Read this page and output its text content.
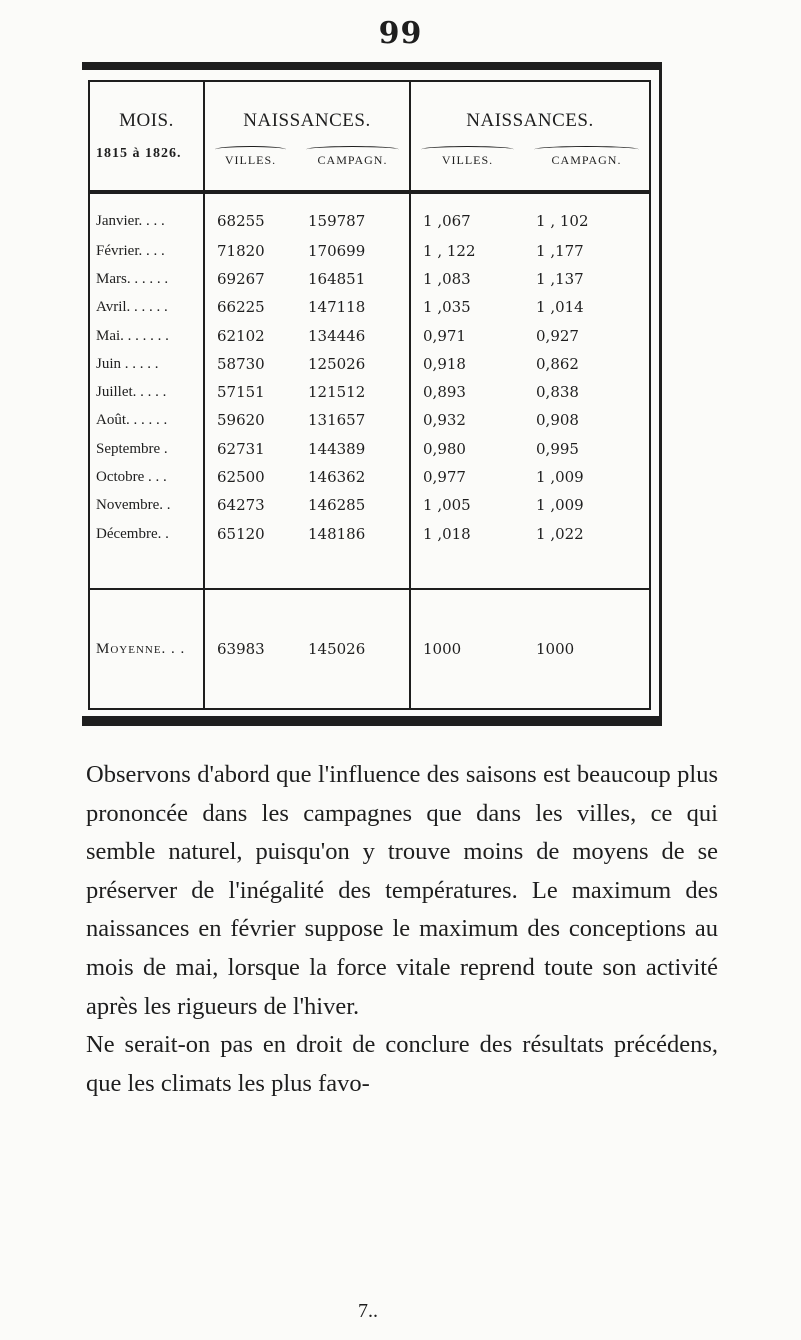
99
MOIS.	NAISSANCES.		NAISSANCES.	
1815 à 1826.	VILLES.	CAMPAGN.	VILLES.	CAMPAGN.
Janvier. . . .	68255	159787	1 ,067	1 , 102
Février. . . .	71820	170699	1 , 122	1 ,177
Mars. . . . . .	69267	164851	1 ,083	1 ,137
Avril. . . . . .	66225	147118	1 ,035	1 ,014
Mai. . . . . . .	62102	134446	0,971	0,927
Juin . . . . .	58730	125026	0,918	0,862
Juillet. . . . .	57151	121512	0,893	0,838
Août. . . . . .	59620	131657	0,932	0,908
Septembre .	62731	144389	0,980	0,995
Octobre . . .	62500	146362	0,977	1 ,009
Novembre. .	64273	146285	1 ,005	1 ,009
Décembre. .	65120	148186	1 ,018	1 ,022

Moyenne. . .	63983	145026	1000	1000

Observons d'abord que l'influence des saisons est beaucoup plus prononcée dans les campagnes que dans les villes, ce qui semble naturel, puisqu'on y trouve moins de moyens de se préserver de l'inégalité des températures. Le maximum des naissances en février suppose le maximum des conceptions au mois de mai, lorsque la force vitale reprend toute son activité après les rigueurs de l'hiver.

Ne serait-on pas en droit de conclure des résultats précédens, que les climats les plus favo-

7..
